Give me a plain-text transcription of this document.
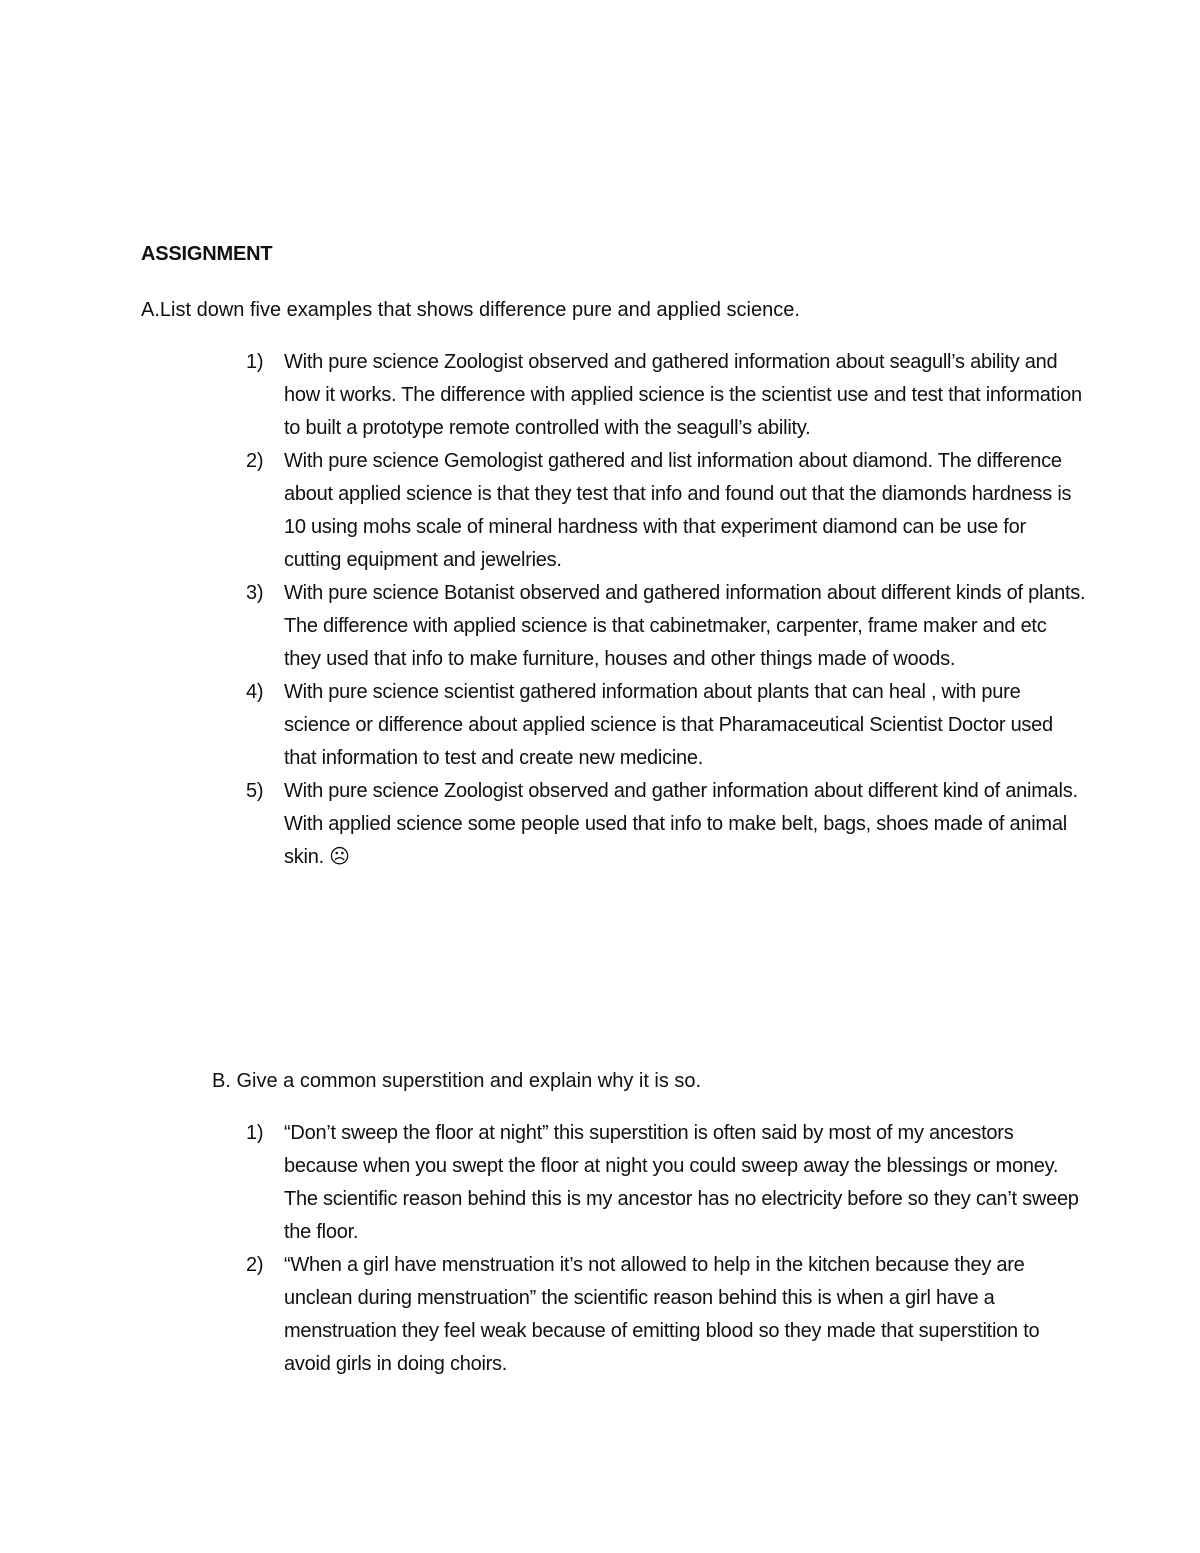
ASSIGNMENT
A.List down five examples that shows difference pure and applied science.
1) With pure science Zoologist observed and gathered information about seagull’s ability and how it works. The difference with applied science is the scientist use and test that information to built a prototype remote controlled with the seagull’s ability.
2) With pure science Gemologist gathered and list information about diamond. The difference about applied science is that they test that info and found out that the diamonds hardness is 10 using mohs scale of mineral hardness with that experiment diamond can be use for cutting equipment and jewelries.
3) With pure science Botanist observed and gathered information about different kinds of plants. The difference with applied science is that cabinetmaker, carpenter, frame maker and etc they used that info to make furniture, houses and other things made of woods.
4) With pure science scientist gathered information about plants that can heal , with pure science or difference about applied science is that Pharamaceutical Scientist Doctor used that information to test and create new medicine.
5) With pure science Zoologist observed and gather information about different kind of animals. With applied science some people used that info to make belt, bags, shoes made of animal skin. ☹
B. Give a common superstition and explain why it is so.
1) “Don’t sweep the floor at night” this superstition is often said by most of my ancestors because when you swept the floor at night you could sweep away the blessings or money. The scientific reason behind this is my ancestor has no electricity before so they can’t sweep the floor.
2) “When a girl have menstruation it’s not allowed to help in the kitchen because they are unclean during menstruation” the scientific reason behind this is when a girl have a menstruation they feel weak because of emitting blood so they made that superstition to avoid girls in doing choirs.
